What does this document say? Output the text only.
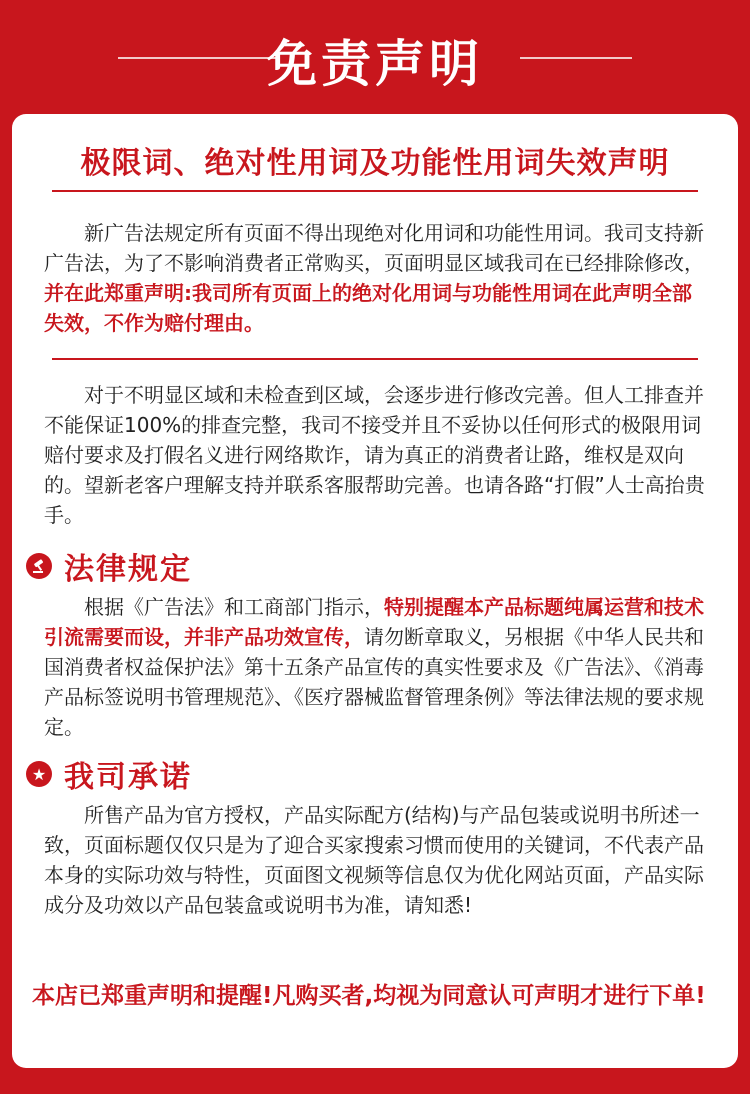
免责声明
极限词、绝对性用词及功能性用词失效声明

新广告法规定所有页面不得出现绝对化用词和功能性用词。我司支持新广告法，为了不影响消费者正常购买，页面明显区域我司在已经排除修改，并在此郑重声明:我司所有页面上的绝对化用词与功能性用词在此声明全部失效，不作为赔付理由。

对于不明显区域和未检查到区域，会逐步进行修改完善。但人工排查并不能保证100%的排查完整，我司不接受并且不妥协以任何形式的极限用词赔付要求及打假名义进行网络欺诈，请为真正的消费者让路，维权是双向的。望新老客户理解支持并联系客服帮助完善。也请各路“打假”人士高抬贵手。

法律规定

根据《广告法》和工商部门指示，特别提醒本产品标题纯属运营和技术引流需要而设，并非产品功效宣传，请勿断章取义，另根据《中华人民共和国消费者权益保护法》第十五条产品宣传的真实性要求及《广告法》、《消毒产品标签说明书管理规范》、《医疗器械监督管理条例》等法律法规的要求规定。

★ 我司承诺

所售产品为官方授权，产品实际配方(结构)与产品包装或说明书所述一致，页面标题仅仅只是为了迎合买家搜索习惯而使用的关键词，不代表产品本身的实际功效与特性，页面图文视频等信息仅为优化网站页面，产品实际成分及功效以产品包装盒或说明书为准，请知悉!

本店已郑重声明和提醒!凡购买者,均视为同意认可声明才进行下单!
